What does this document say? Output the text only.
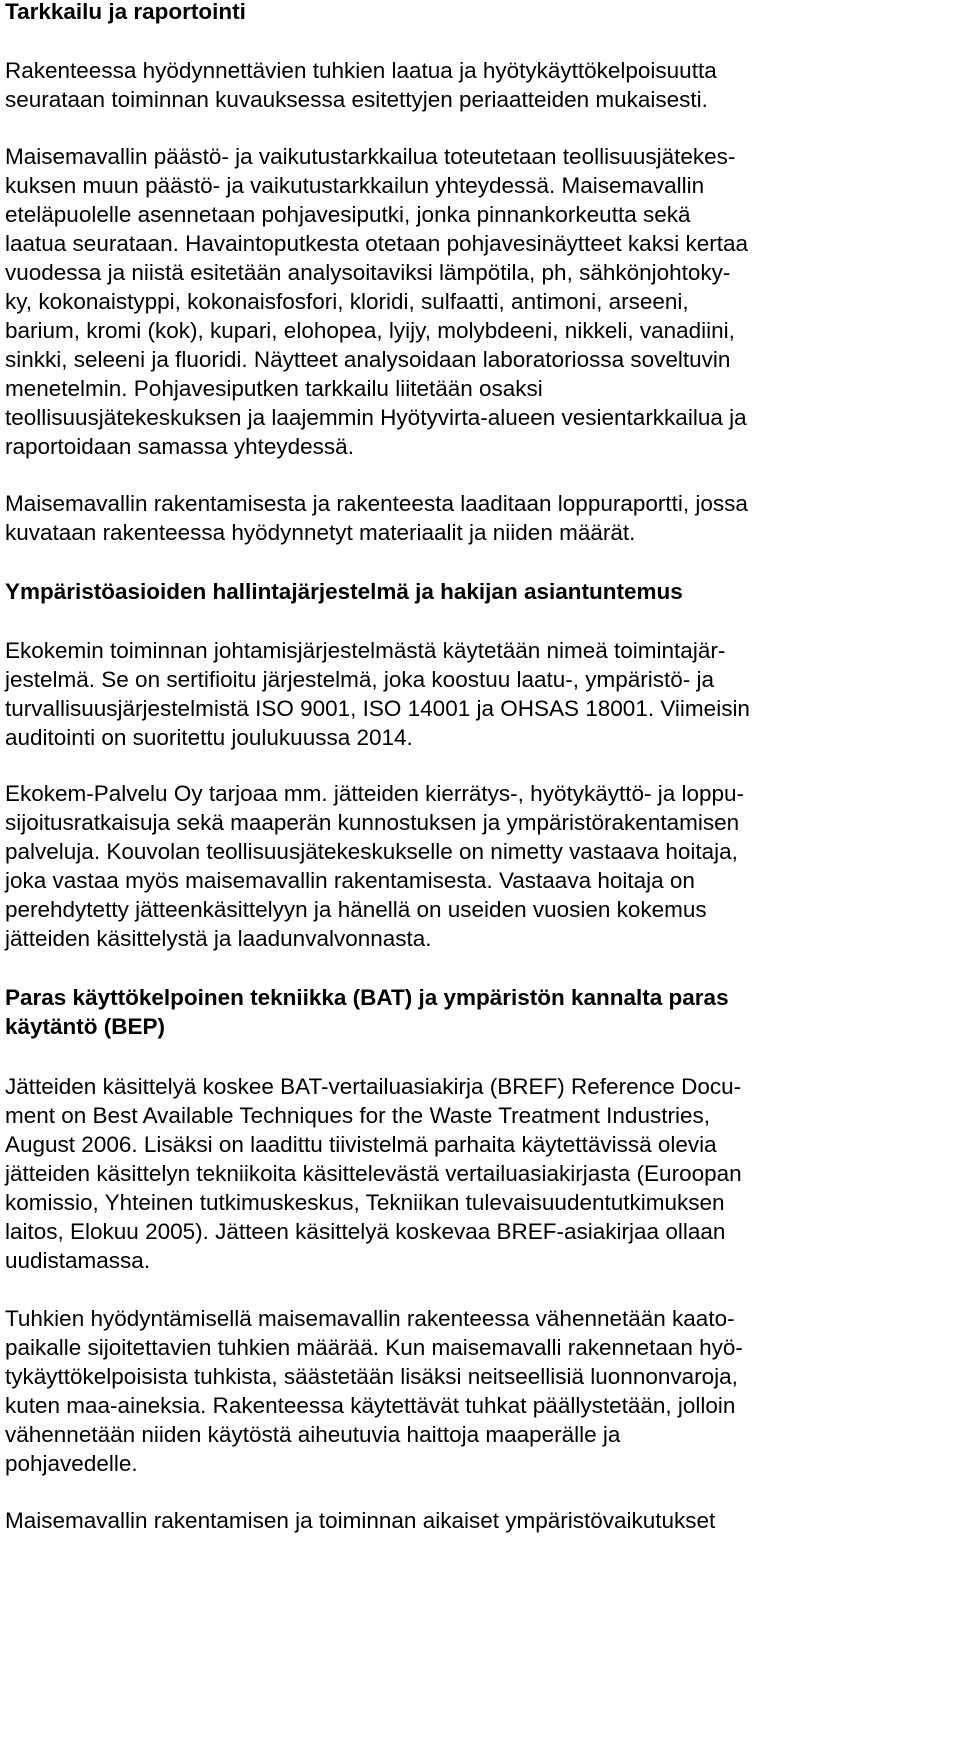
Tarkkailu ja raportointi
Rakenteessa hyödynnettävien tuhkien laatua ja hyötykäyttökelpoisuutta
seurataan toiminnan kuvauksessa esitettyjen periaatteiden mukaisesti.
Maisemavallin päästö- ja vaikutustarkkailua toteutetaan teollisuusjätekes-
kuksen muun päästö- ja vaikutustarkkailun yhteydessä. Maisemavallin
eteläpuolelle asennetaan pohjavesiputki, jonka pinnankorkeutta sekä
laatua seurataan. Havaintoputkesta otetaan pohjavesinäytteet kaksi kertaa
vuodessa ja niistä esitetään analysoitaviksi lämpötila, ph, sähkönjohtoky-
ky, kokonaistyppi, kokonaisfosfori, kloridi, sulfaatti, antimoni, arseeni,
barium, kromi (kok), kupari, elohopea, lyijy, molybdeeni, nikkeli, vanadiini,
sinkki, seleeni ja fluoridi. Näytteet analysoidaan laboratoriossa soveltuvin
menetelmin. Pohjavesiputken tarkkailu liitetään osaksi
teollisuusjätekeskuksen ja laajemmin Hyötyvirta-alueen vesientarkkailua ja
raportoidaan samassa yhteydessä.
Maisemavallin rakentamisesta ja rakenteesta laaditaan loppuraportti, jossa
kuvataan rakenteessa hyödynnetyt materiaalit ja niiden määrät.
Ympäristöasioiden hallintajärjestelmä ja hakijan asiantuntemus
Ekokemin toiminnan johtamisjärjestelmästä käytetään nimeä toimintajär-
jestelmä. Se on sertifioitu järjestelmä, joka koostuu laatu-, ympäristö- ja
turvallisuusjärjestelmistä ISO 9001, ISO 14001 ja OHSAS 18001. Viimeisin
auditointi on suoritettu joulukuussa 2014.
Ekokem-Palvelu Oy tarjoaa mm. jätteiden kierrätys-, hyötykäyttö- ja loppu-
sijoitusratkaisuja sekä maaperän kunnostuksen ja ympäristörakentamisen
palveluja. Kouvolan teollisuusjätekeskukselle on nimetty vastaava hoitaja,
joka vastaa myös maisemavallin rakentamisesta. Vastaava hoitaja on
perehdytetty jätteenkäsittelyyn ja hänellä on useiden vuosien kokemus
jätteiden käsittelystä ja laadunvalvonnasta.
Paras käyttökelpoinen tekniikka (BAT) ja ympäristön kannalta paras
käytäntö (BEP)
Jätteiden käsittelyä koskee BAT-vertailuasiakirja (BREF) Reference Docu-
ment on Best Available Techniques for the Waste Treatment Industries,
August 2006. Lisäksi on laadittu tiivistelmä parhaita käytettävissä olevia
jätteiden käsittelyn tekniikoita käsittelevästä vertailuasiakirjasta (Euroopan
komissio, Yhteinen tutkimuskeskus, Tekniikan tulevaisuudentutkimuksen
laitos, Elokuu 2005). Jätteen käsittelyä koskevaa BREF-asiakirjaa ollaan
uudistamassa.
Tuhkien hyödyntämisellä maisemavallin rakenteessa vähennetään kaato-
paikalle sijoitettavien tuhkien määrää. Kun maisemavalli rakennetaan hyö-
tykäyttökelpoisista tuhkista, säästetään lisäksi neitseellisiä luonnonvaroja,
kuten maa-aineksia. Rakenteessa käytettävät tuhkat päällystetään, jolloin
vähennetään niiden käytöstä aiheutuvia haittoja maaperälle ja
pohjavedelle.
Maisemavallin rakentamisen ja toiminnan aikaiset ympäristövaikutukset
